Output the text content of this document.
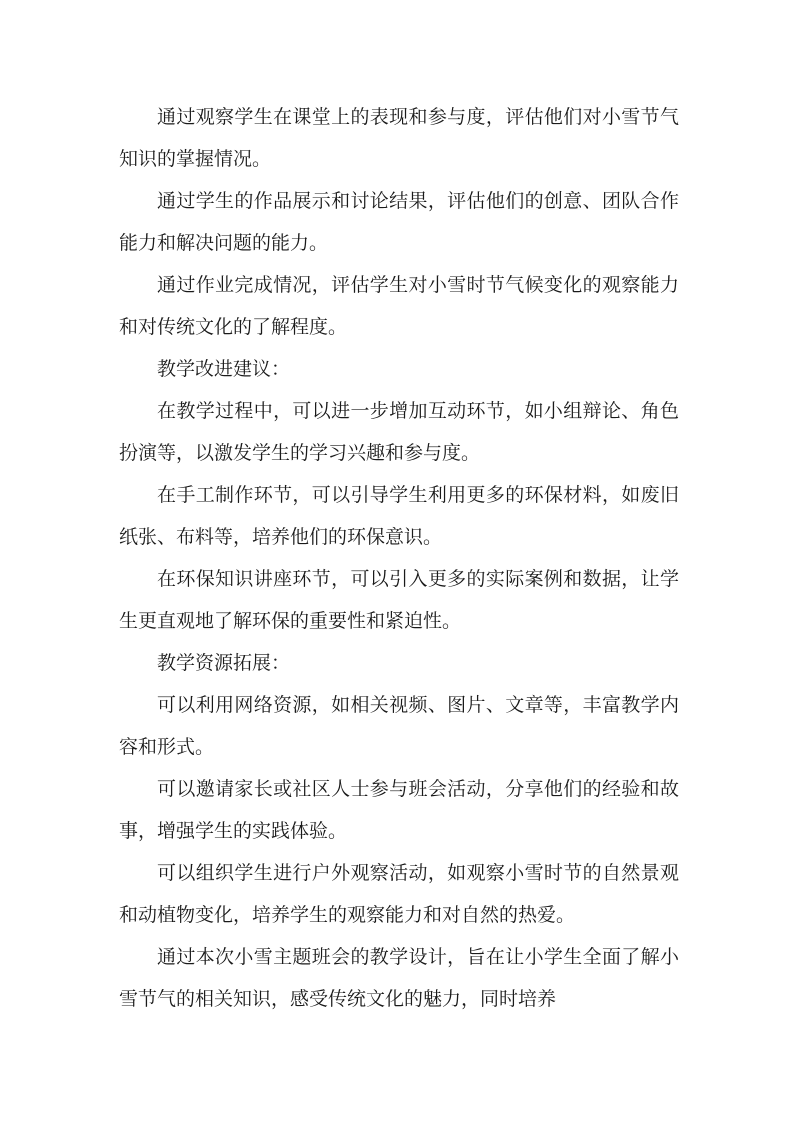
通过观察学生在课堂上的表现和参与度，评估他们对小雪节气知识的掌握情况。

通过学生的作品展示和讨论结果，评估他们的创意、团队合作能力和解决问题的能力。

通过作业完成情况，评估学生对小雪时节气候变化的观察能力和对传统文化的了解程度。

教学改进建议：

在教学过程中，可以进一步增加互动环节，如小组辩论、角色扮演等，以激发学生的学习兴趣和参与度。

在手工制作环节，可以引导学生利用更多的环保材料，如废旧纸张、布料等，培养他们的环保意识。

在环保知识讲座环节，可以引入更多的实际案例和数据，让学生更直观地了解环保的重要性和紧迫性。

教学资源拓展：

可以利用网络资源，如相关视频、图片、文章等，丰富教学内容和形式。

可以邀请家长或社区人士参与班会活动，分享他们的经验和故事，增强学生的实践体验。

可以组织学生进行户外观察活动，如观察小雪时节的自然景观和动植物变化，培养学生的观察能力和对自然的热爱。

通过本次小雪主题班会的教学设计，旨在让小学生全面了解小雪节气的相关知识，感受传统文化的魅力，同时培养
